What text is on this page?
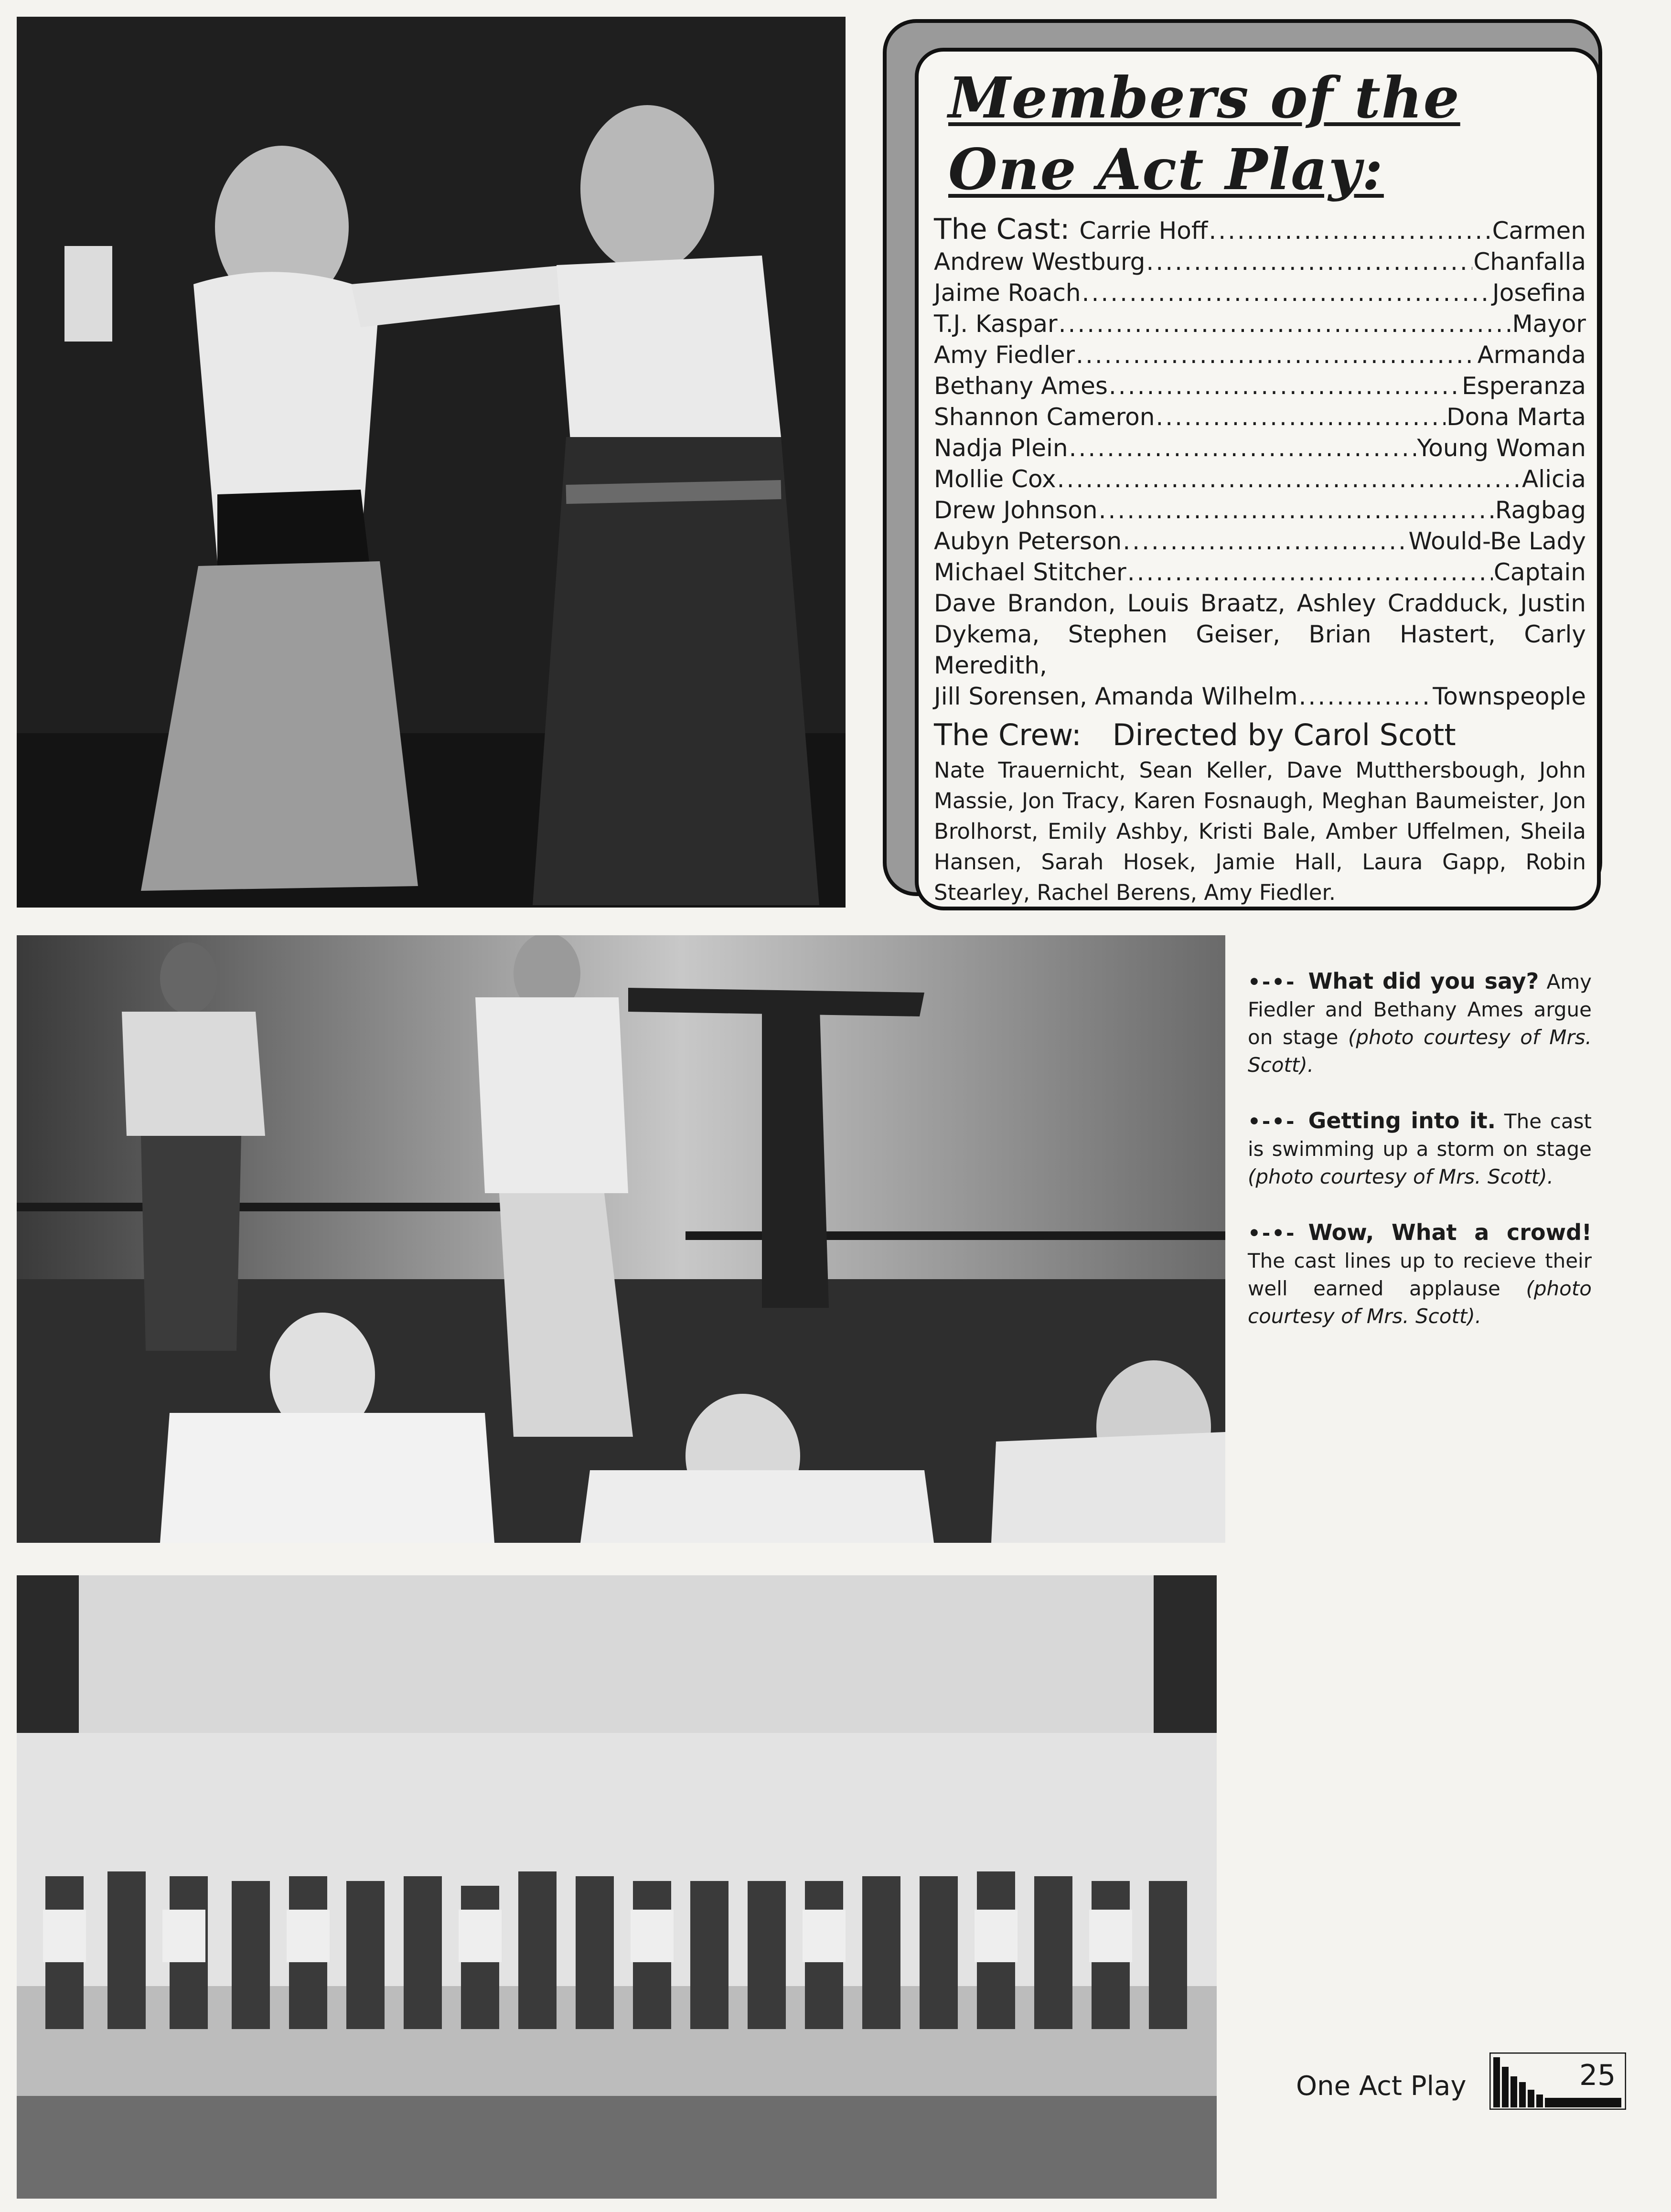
Members of the One Act Play:
The Cast: Carrie Hoff .....	Carmen
Andrew Westburg .....	Chanfalla
Jaime Roach .....	Josefina
T.J. Kaspar .....	Mayor
Amy Fiedler .....	Armanda
Bethany Ames .....	Esperanza
Shannon Cameron .....	Dona Marta
Nadja Plein .....	Young Woman
Mollie Cox .....	Alicia
Drew Johnson .....	Ragbag
Aubyn Peterson .....	Would-Be Lady
Michael Stitcher .....	Captain
Dave Brandon, Louis Braatz, Ashley Cradduck, Justin Dykema, Stephen Geiser, Brian Hastert, Carly Meredith,
Jill Sorensen, Amanda Wilhelm .....	Townspeople
The Crew: Directed by Carol Scott
Nate Trauernicht, Sean Keller, Dave Mutthersbough, John Massie, Jon Tracy, Karen Fosnaugh, Meghan Baumeister, Jon Brolhorst, Emily Ashby, Kristi Bale, Amber Uffelmen, Sheila Hansen, Sarah Hosek, Jamie Hall, Laura Gapp, Robin Stearley, Rachel Berens, Amy Fiedler.
•-•- What did you say? Amy Fiedler and Bethany Ames argue on stage (photo courtesy of Mrs. Scott).
•-•- Getting into it. The cast is swimming up a storm on stage (photo courtesy of Mrs. Scott).
•-•- Wow, What a crowd! The cast lines up to recieve their well earned applause (photo courtesy of Mrs. Scott).
One Act Play	25
